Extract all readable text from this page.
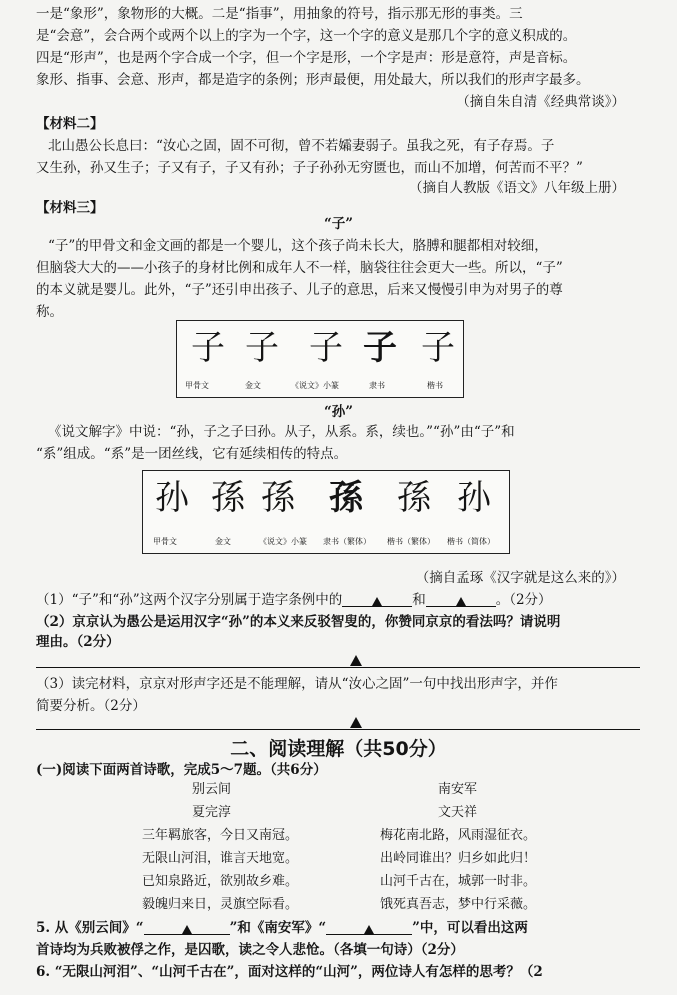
一是“象形”，象物形的大概。二是“指事”，用抽象的符号，指示那无形的事类。三
是“会意”，会合两个或两个以上的字为一个字，这一个字的意义是那几个字的意义积成的。
四是“形声”，也是两个字合成一个字，但一个字是形，一个字是声：形是意符，声是音标。
象形、指事、会意、形声，都是造字的条例；形声最便，用处最大，所以我们的形声字最多。
（摘自朱自清《经典常谈》）
【材料二】
北山愚公长息曰：“汝心之固，固不可彻，曾不若孀妻弱子。虽我之死，有子存焉。子
又生孙，孙又生子；子又有子，子又有孙；子子孙孙无穷匮也，而山不加增，何苦而不平？”
（摘自人教版《语文》八年级上册）
【材料三】
“子”
“子”的甲骨文和金文画的都是一个婴儿，这个孩子尚未长大，胳膊和腿都相对较细，
但脑袋大大的——小孩子的身材比例和成年人不一样，脑袋往往会更大一些。所以，“子”
的本义就是婴儿。此外，“子”还引申出孩子、儿子的意思，后来又慢慢引申为对男子的尊
称。
子 子 子 子 子
甲骨文	金文	《说文》小篆	隶书	楷书
“孙”
《说文解字》中说：“孙，子之子曰孙。从子，从系。系，续也。”“孙”由“子”和
“系”组成。“系”是一团丝线，它有延续相传的特点。
孙 孫 孫 孫 孫 孙
甲骨文	金文	《说文》小篆 隶书（繁体） 楷书（繁体） 楷书（简体）
（摘自孟琢《汉字就是这么来的》）
（1）“子”和“孙”这两个汉字分别属于造字条例中的	和	。（2分）
（2）京京认为愚公是运用汉字“孙”的本义来反驳智叟的，你赞同京京的看法吗？请说明
理由。（2分）
（3）读完材料，京京对形声字还是不能理解，请从“汝心之固”一句中找出形声字，并作
简要分析。（2分）
二、阅读理解（共50分）
(一)阅读下面两首诗歌，完成5～7题。（共6分）
别云间
夏完淳
三年羁旅客，今日又南冠。
无限山河泪，谁言天地宽。
已知泉路近，欲别故乡难。
毅魄归来日，灵旗空际看。
南安军
文天祥
梅花南北路，风雨湿征衣。
出岭同谁出？归乡如此归！
山河千古在，城郭一时非。
饿死真吾志，梦中行采薇。
5. 从《别云间》“	”和《南安军》“	”中，可以看出这两
首诗均为兵败被俘之作，是囚歌，读之令人悲怆。（各填一句诗）（2分）
6. “无限山河泪”、“山河千古在”，面对这样的“山河”，两位诗人有怎样的思考？（2
